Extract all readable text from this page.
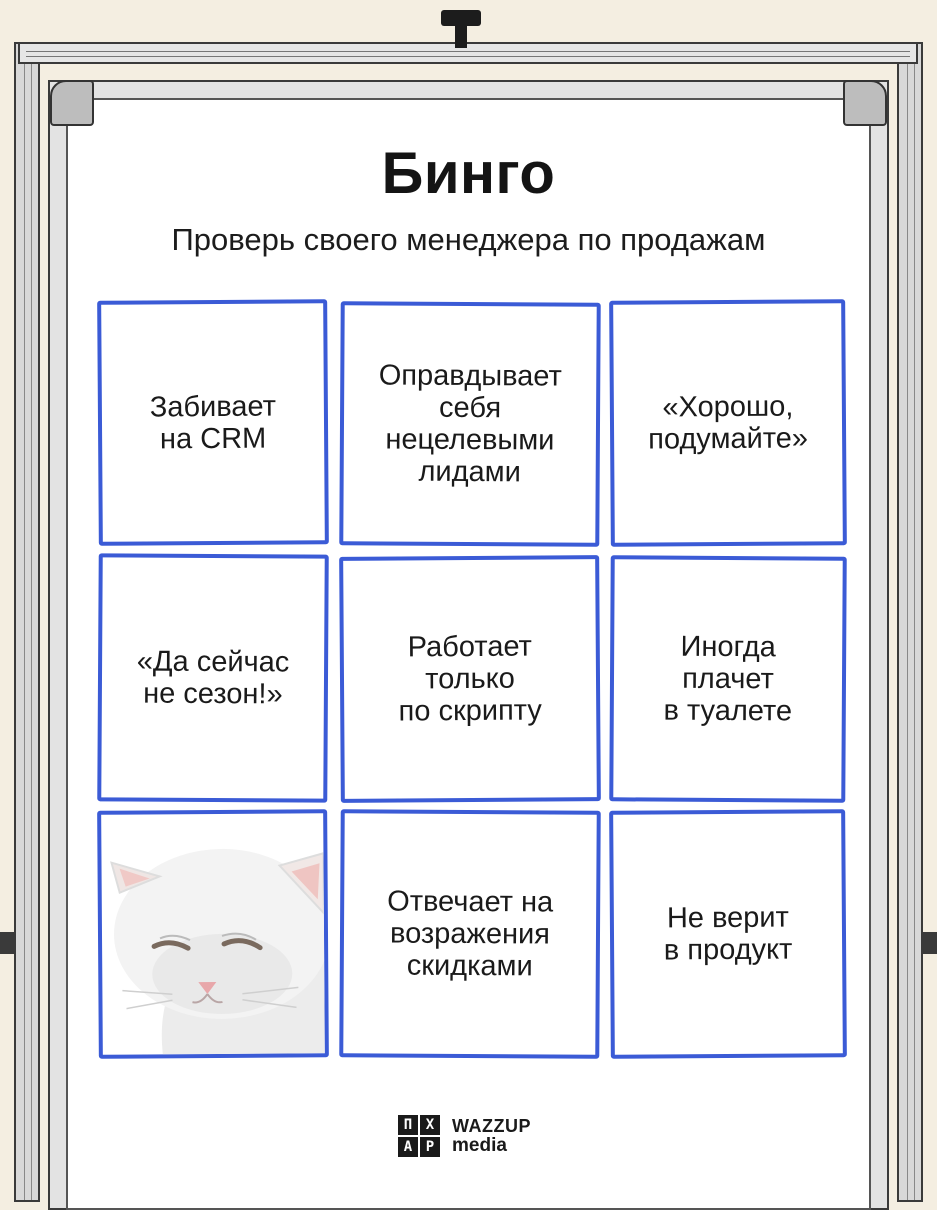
Бинго
Проверь своего менеджера по продажам
Забивает
на CRM
Оправдывает
себя
нецелевыми
лидами
«Хорошо,
подумайте»
«Да сейчас
не сезон!»
Работает
только
по скрипту
Иногда
плачет
в туалете
Отвечает на
возражения
скидками
Не верит
в продукт
П Х
А Р
WAZZUP
media
